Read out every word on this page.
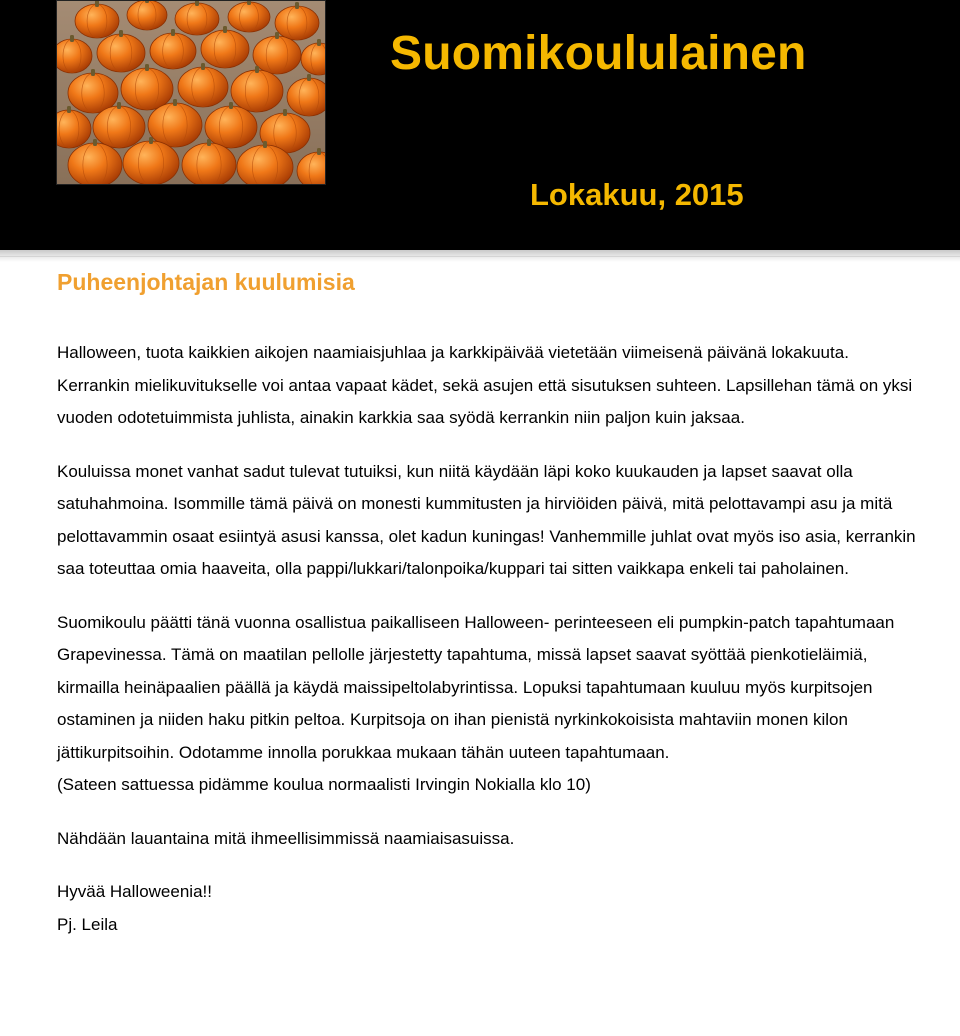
Suomikoululainen
Lokakuu, 2015
Puheenjohtajan kuulumisia

Halloween, tuota kaikkien aikojen naamiaisjuhlaa ja karkkipäivää vietetään viimeisenä päivänä lokakuuta. Kerrankin mielikuvitukselle voi antaa vapaat kädet, sekä asujen että sisutuksen suhteen. Lapsillehan tämä on yksi vuoden odotetuimmista juhlista, ainakin karkkia saa syödä kerrankin niin paljon kuin jaksaa.

Kouluissa monet vanhat sadut tulevat tutuiksi, kun niitä käydään läpi koko kuukauden ja lapset saavat olla satuhahmoina. Isommille tämä päivä on monesti kummitusten ja hirviöiden päivä, mitä pelottavampi asu ja mitä pelottavammin osaat esiintyä asusi kanssa, olet kadun kuningas! Vanhemmille juhlat ovat myös iso asia, kerrankin saa toteuttaa omia haaveita, olla pappi/lukkari/talonpoika/kuppari tai sitten vaikkapa enkeli tai paholainen.

Suomikoulu päätti tänä vuonna osallistua paikalliseen Halloween- perinteeseen eli pumpkin-patch tapahtumaan Grapevinessa. Tämä on maatilan pellolle järjestetty tapahtuma, missä lapset saavat syöttää pienkotieläimiä, kirmailla heinäpaalien päällä ja käydä maissipeltolabyrintissa. Lopuksi tapahtumaan kuuluu myös kurpitsojen ostaminen ja niiden haku pitkin peltoa. Kurpitsoja on ihan pienistä nyrkinkokoisista mahtaviin monen kilon jättikurpitsoihin. Odotamme innolla porukkaa mukaan tähän uuteen tapahtumaan.

(Sateen sattuessa pidämme koulua normaalisti Irvingin Nokialla klo 10)

Nähdään lauantaina mitä ihmeellisimmissä naamiaisasuissa.

Hyvää Halloweenia!!

Pj. Leila
